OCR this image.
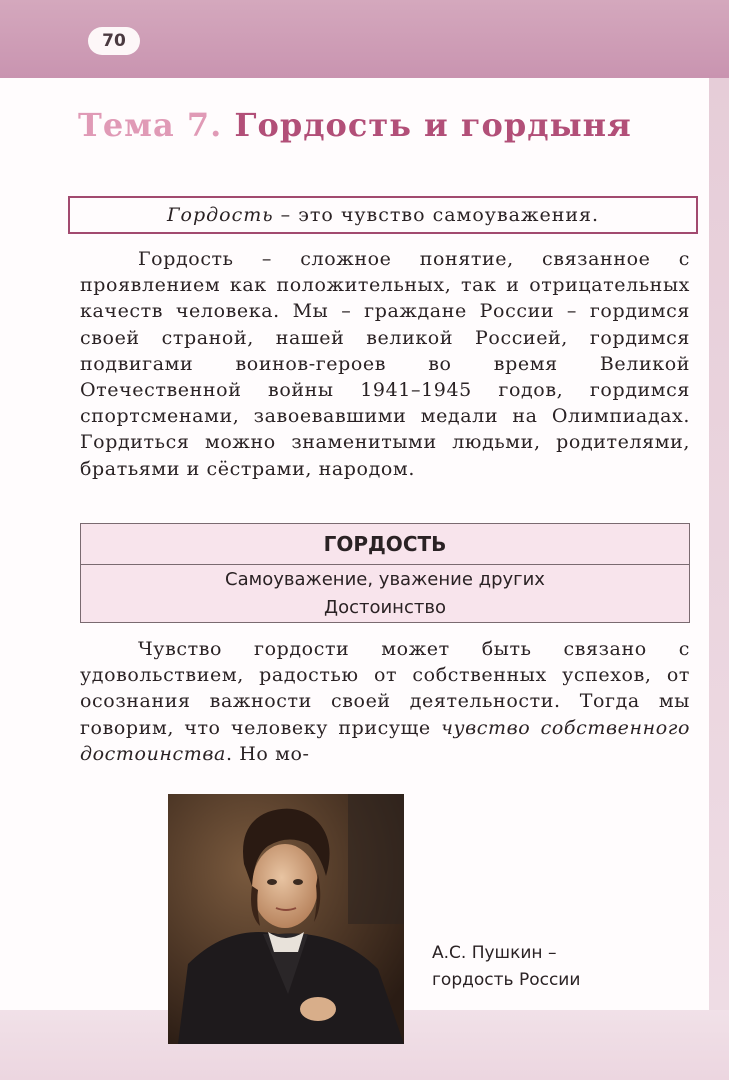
70
Тема 7. Гордость и гордыня
Гордость – это чувство самоуважения.

Гордость – сложное понятие, связанное с проявлением как положительных, так и отрицательных качеств человека. Мы – граждане России – гордимся своей страной, нашей великой Россией, гордимся подвигами воинов-героев во время Великой Отечественной войны 1941–1945 годов, гордимся спортсменами, завоевавшими медали на Олимпиадах. Гордиться можно знаменитыми людьми, родителями, братьями и сёстрами, народом.

ГОРДОСТЬ
Самоуважение, уважение других
Достоинство

Чувство гордости может быть связано с удовольствием, радостью от собственных успехов, от осознания важности своей деятельности. Тогда мы говорим, что человеку присуще чувство собственного достоинства. Но мо-

А.С. Пушкин –
гордость России
